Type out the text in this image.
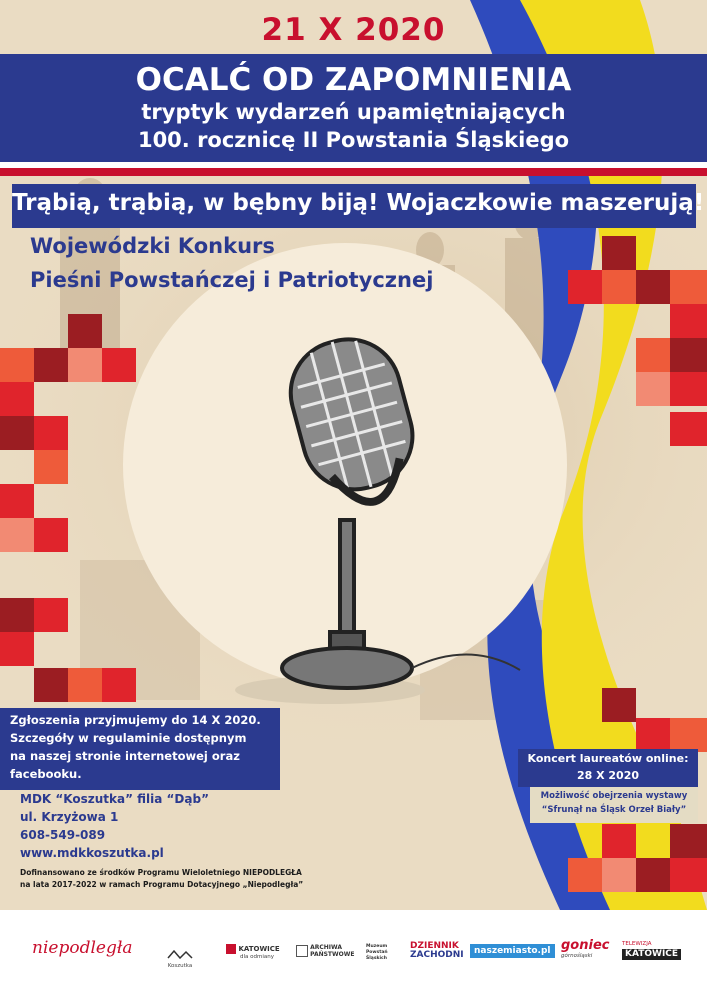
21 X 2020
OCALĆ OD ZAPOMNIENIA
tryptyk wydarzeń upamiętniających
100. rocznicę II Powstania Śląskiego
Trąbią, trąbią, w bębny biją! Wojaczkowie maszerują!
Wojewódzki Konkurs
Pieśni Powstańczej i Patriotycznej
Zgłoszenia przyjmujemy do 14 X 2020.
Szczegóły w regulaminie dostępnym
na naszej stronie internetowej oraz
facebooku.
MDK “Koszutka” filia “Dąb”
ul. Krzyżowa 1
608-549-089
www.mdkkoszutka.pl
Dofinansowano ze środków Programu Wieloletniego NIEPODLEGŁA
na lata 2017-2022 w ramach Programu Dotacyjnego „Niepodległa”
Koncert laureatów online:
28 X 2020
Możliwość obejrzenia wystawy
“Sfrunął na Śląsk Orzeł Biały”
niepodległa
Koszutka
KATOWICE
dla odmiany
ARCHIWA
PAŃSTWOWE
Muzeum Powstań Śląskich
DZIENNIK
ZACHODNI	naszemiasto.pl goniec
górnośląski
TELEWIZJA
KATOWICE
